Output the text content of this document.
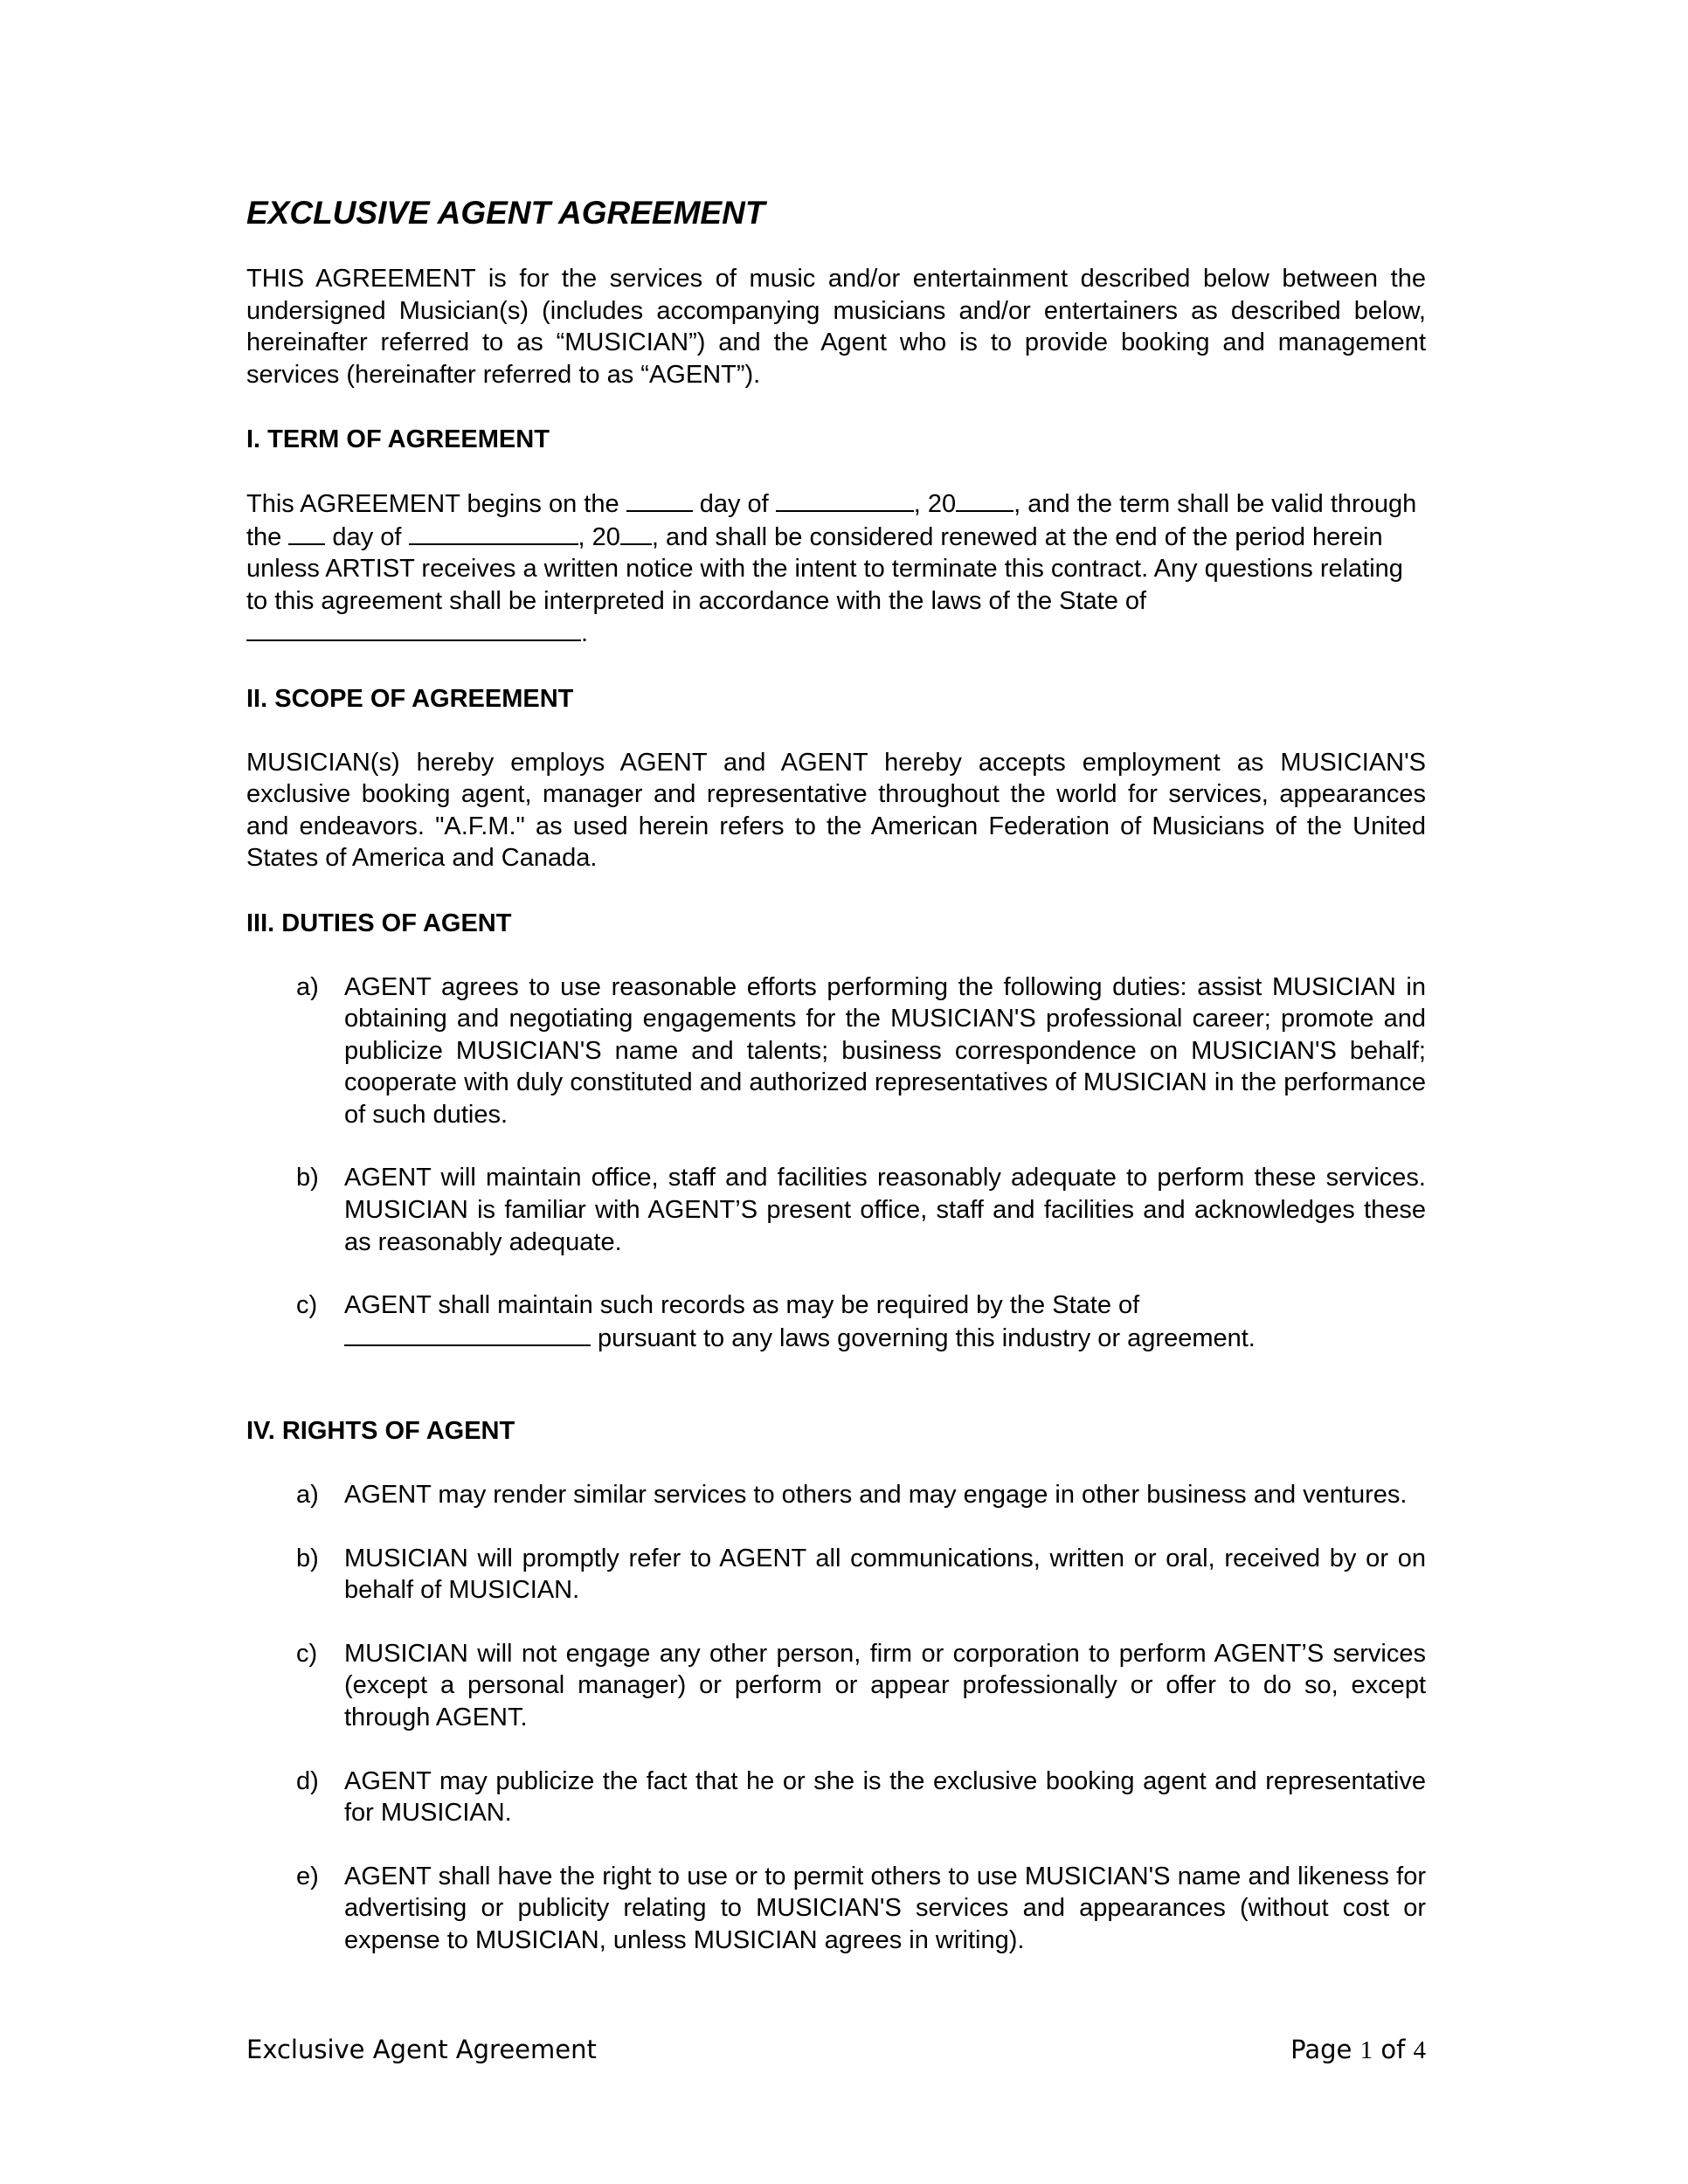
EXCLUSIVE AGENT AGREEMENT

THIS AGREEMENT is for the services of music and/or entertainment described below between the undersigned Musician(s) (includes accompanying musicians and/or entertainers as described below, hereinafter referred to as “MUSICIAN”) and the Agent who is to provide booking and management services (hereinafter referred to as “AGENT”).

I. TERM OF AGREEMENT

This AGREEMENT begins on the	day of	, 20 , and the term shall be valid through the  day of	, 20 , and shall be considered renewed at the end of the period herein unless ARTIST receives a written notice with the intent to terminate this contract. Any questions relating to this agreement shall be interpreted in accordance with the laws of the State of
.

II. SCOPE OF AGREEMENT

MUSICIAN(s) hereby employs AGENT and AGENT hereby accepts employment as MUSICIAN'S exclusive booking agent, manager and representative throughout the world for services, appearances and endeavors. "A.F.M." as used herein refers to the American Federation of Musicians of the United States of America and Canada.

III. DUTIES OF AGENT

a) AGENT agrees to use reasonable efforts performing the following duties: assist MUSICIAN in obtaining and negotiating engagements for the MUSICIAN'S professional career; promote and publicize MUSICIAN'S name and talents; business correspondence on MUSICIAN'S behalf; cooperate with duly constituted and authorized representatives of MUSICIAN in the performance of such duties.
b) AGENT will maintain office, staff and facilities reasonably adequate to perform these services. MUSICIAN is familiar with AGENT’S present office, staff and facilities and acknowledges these as reasonably adequate.
c) AGENT shall maintain such records as may be required by the State of
pursuant to any laws governing this industry or agreement.

IV. RIGHTS OF AGENT

a) AGENT may render similar services to others and may engage in other business and ventures.
b) MUSICIAN will promptly refer to AGENT all communications, written or oral, received by or on behalf of MUSICIAN.
c) MUSICIAN will not engage any other person, firm or corporation to perform AGENT’S services (except a personal manager) or perform or appear professionally or offer to do so, except through AGENT.
d) AGENT may publicize the fact that he or she is the exclusive booking agent and representative for MUSICIAN.
e) AGENT shall have the right to use or to permit others to use MUSICIAN'S name and likeness for advertising or publicity relating to MUSICIAN'S services and appearances (without cost or expense to MUSICIAN, unless MUSICIAN agrees in writing).
Exclusive Agent Agreement	Page 1 of 4
